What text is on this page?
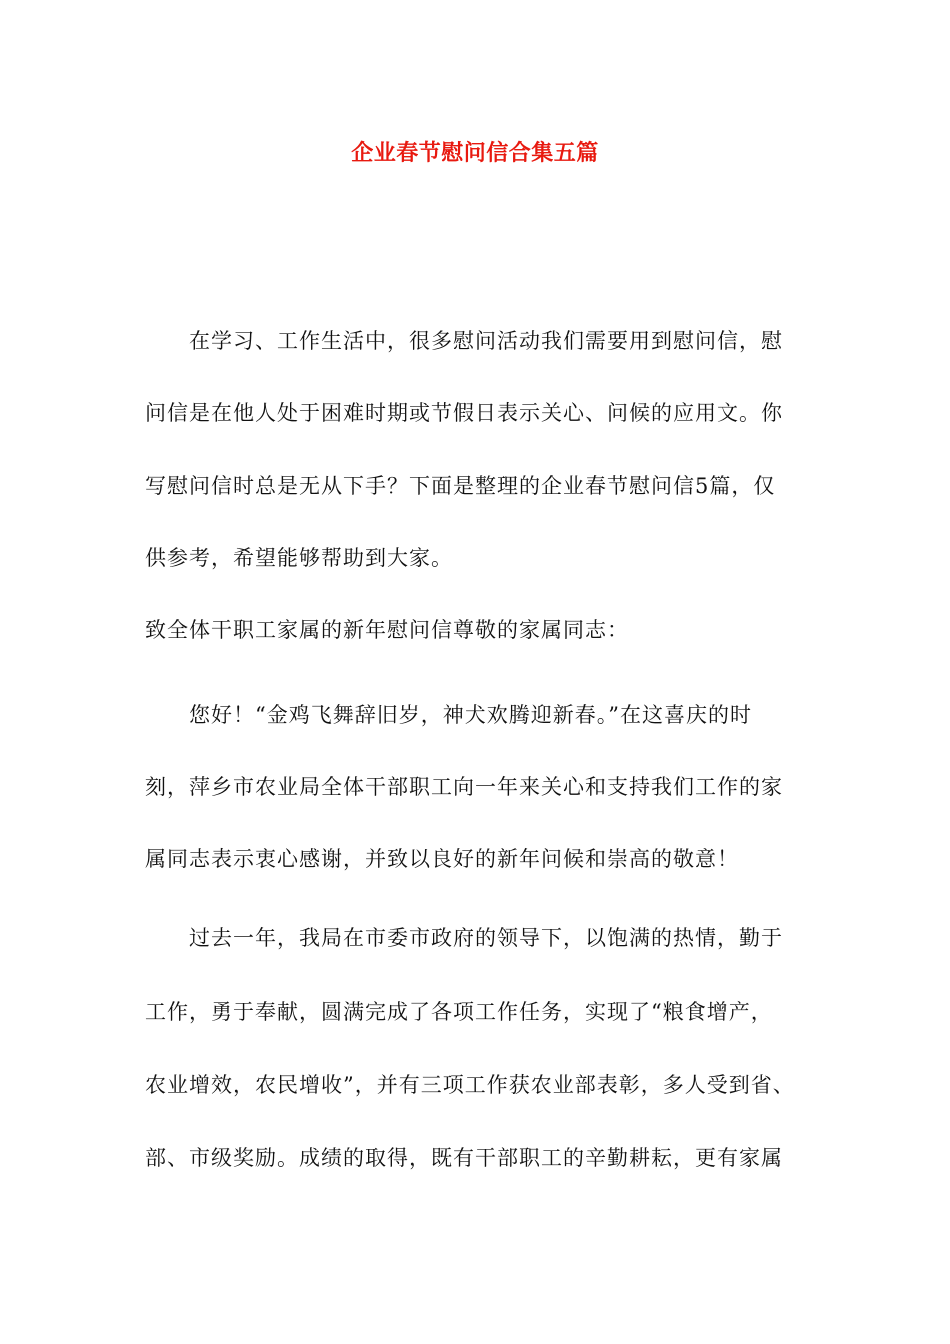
企业春节慰问信合集五篇
在学习、工作生活中，很多慰问活动我们需要用到慰问信，慰
问信是在他人处于困难时期或节假日表示关心、问候的应用文。你
写慰问信时总是无从下手？下面是整理的企业春节慰问信5篇，仅
供参考，希望能够帮助到大家。
致全体干职工家属的新年慰问信尊敬的家属同志：
您好！“金鸡飞舞辞旧岁，神犬欢腾迎新春。”在这喜庆的时
刻，萍乡市农业局全体干部职工向一年来关心和支持我们工作的家
属同志表示衷心感谢，并致以良好的新年问候和崇高的敬意！
过去一年，我局在市委市政府的领导下，以饱满的热情，勤于
工作，勇于奉献，圆满完成了各项工作任务，实现了“粮食增产，
农业增效，农民增收”，并有三项工作获农业部表彰，多人受到省、
部、市级奖励。成绩的取得，既有干部职工的辛勤耕耘，更有家属
